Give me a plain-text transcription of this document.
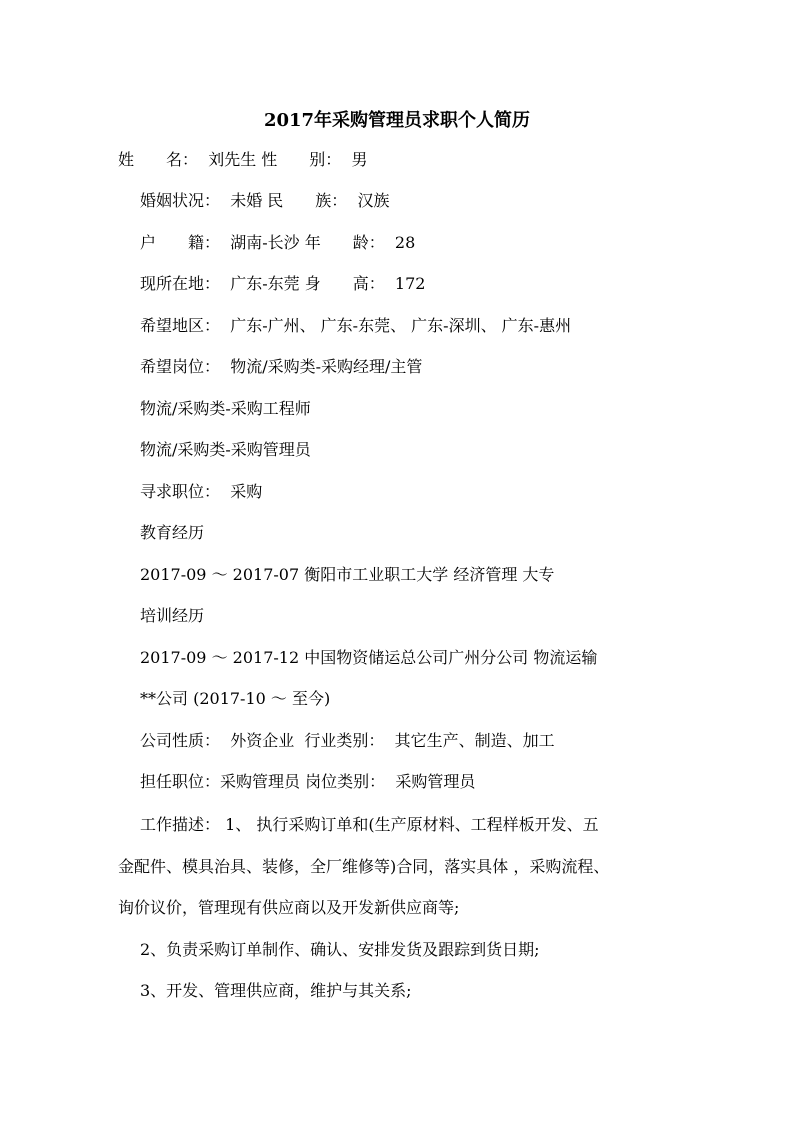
2017年采购管理员求职个人简历
姓　　名： 刘先生 性　　别： 男
婚姻状况： 未婚 民　　族： 汉族
户　　籍： 湖南-长沙 年　　龄： 28
现所在地： 广东-东莞 身　　高： 172
希望地区： 广东-广州、 广东-东莞、 广东-深圳、 广东-惠州
希望岗位： 物流/采购类-采购经理/主管
物流/采购类-采购工程师
物流/采购类-采购管理员
寻求职位： 采购
教育经历
2017-09 ～ 2017-07 衡阳市工业职工大学 经济管理 大专
培训经历
2017-09 ～ 2017-12 中国物资储运总公司广州分公司 物流运输
**公司 (2017-10 ～ 至今)
公司性质： 外资企业 行业类别： 其它生产、制造、加工
担任职位：采购管理员 岗位类别： 采购管理员
工作描述： 1、 执行采购订单和(生产原材料、工程样板开发、五
金配件、模具治具、装修，全厂维修等)合同，落实具体 ，采购流程、
询价议价，管理现有供应商以及开发新供应商等;
2、负责采购订单制作、确认、安排发货及跟踪到货日期;
3、开发、管理供应商，维护与其关系;
